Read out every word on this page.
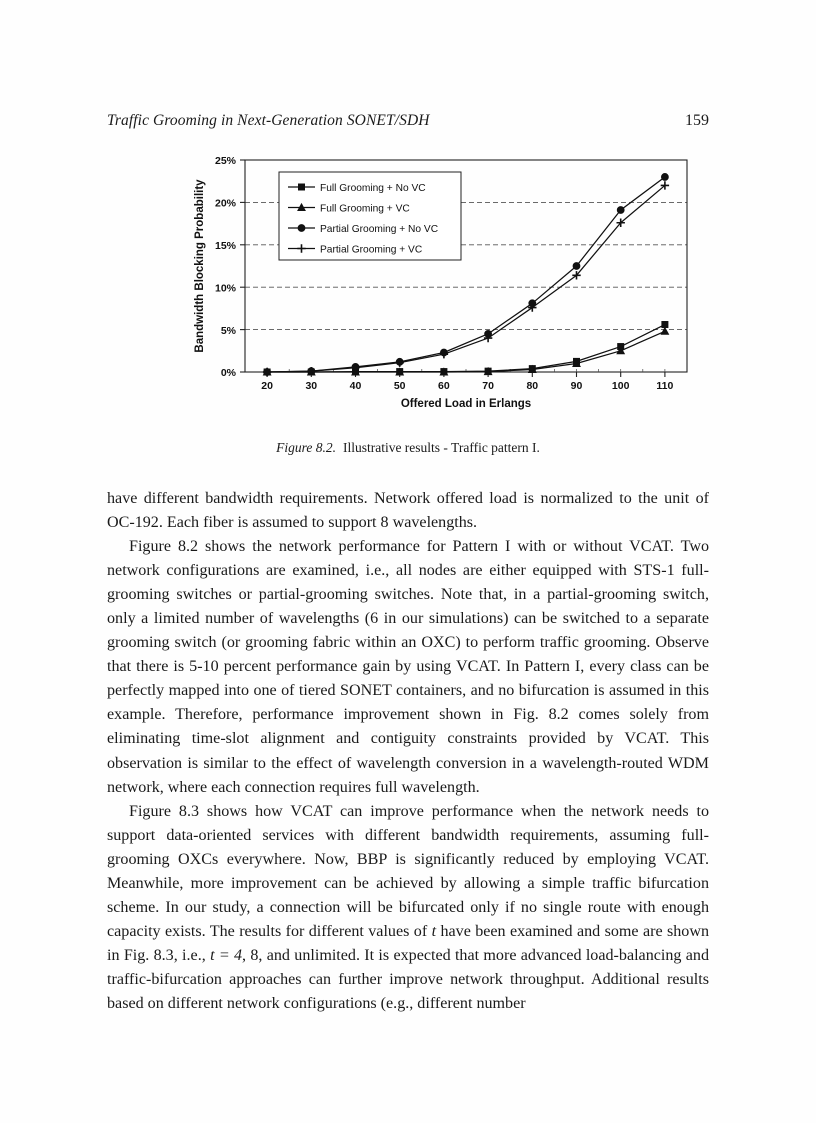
Traffic Grooming in Next-Generation SONET/SDH	159
0%
5%
10%
15%
20%
25%
20	30	40	50	60	70	80	90	100	110
Offered Load in Erlangs
Bandwidth Blocking Probability	Full Grooming + No VC
Full Grooming + VC
Partial Grooming + No VC
Partial Grooming + VC
Figure 8.2. Illustrative results - Traffic pattern I.

have different bandwidth requirements. Network offered load is normalized to the unit of OC-192. Each fiber is assumed to support 8 wavelengths.

Figure 8.2 shows the network performance for Pattern I with or without VCAT. Two network configurations are examined, i.e., all nodes are either equipped with STS-1 full-grooming switches or partial-grooming switches. Note that, in a partial-grooming switch, only a limited number of wavelengths (6 in our simulations) can be switched to a separate grooming switch (or grooming fabric within an OXC) to perform traffic grooming. Observe that there is 5-10 percent performance gain by using VCAT. In Pattern I, every class can be perfectly mapped into one of tiered SONET containers, and no bifurcation is assumed in this example. Therefore, performance improvement shown in Fig. 8.2 comes solely from eliminating time-slot alignment and contiguity constraints provided by VCAT. This observation is similar to the effect of wavelength conversion in a wavelength-routed WDM network, where each connection requires full wavelength.

Figure 8.3 shows how VCAT can improve performance when the network needs to support data-oriented services with different bandwidth requirements, assuming full-grooming OXCs everywhere. Now, BBP is significantly reduced by employing VCAT. Meanwhile, more improvement can be achieved by allowing a simple traffic bifurcation scheme. In our study, a connection will be bifurcated only if no single route with enough capacity exists. The results for different values of t have been examined and some are shown in Fig. 8.3, i.e., t = 4, 8, and unlimited. It is expected that more advanced load-balancing and traffic-bifurcation approaches can further improve network throughput. Additional results based on different network configurations (e.g., different number
